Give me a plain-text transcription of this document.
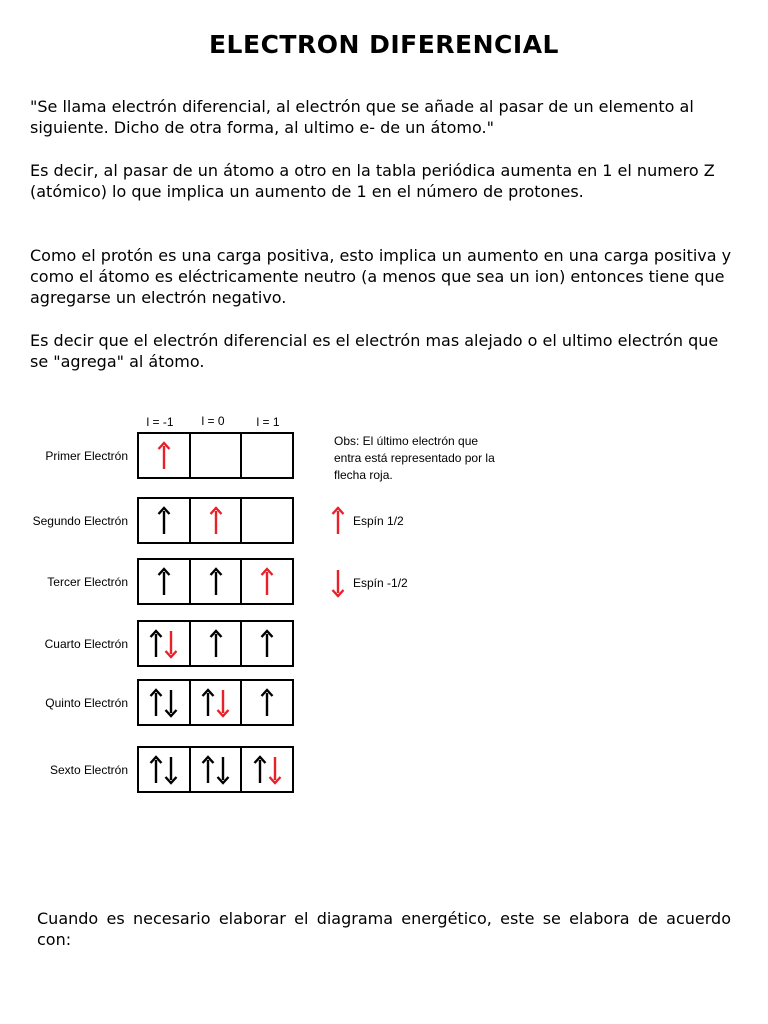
ELECTRON DIFERENCIAL

"Se llama electrón diferencial, al electrón que se añade al pasar de un elemento al siguiente. Dicho de otra forma, al ultimo e- de un átomo."

Es decir, al pasar de un átomo a otro en la tabla periódica aumenta en 1 el numero Z (atómico) lo que implica un aumento de 1 en el número de protones.

Como el protón es una carga positiva, esto implica un aumento en una carga positiva y como el átomo es eléctricamente neutro (a menos que sea un ion) entonces tiene que agregarse un electrón negativo.

Es decir que el electrón diferencial es el electrón mas alejado o el ultimo electrón que se "agrega" al átomo.

l = -1	l = 0	l = 1
Primer Electrón
Segundo Electrón
Tercer Electrón
Cuarto Electrón
Quinto Electrón
Sexto Electrón

Obs: El último electrón que entra está representado por la flecha roja.

Espín 1/2
Espín -1/2

Cuando es necesario elaborar el diagrama energético, este se elabora de acuerdo con:
